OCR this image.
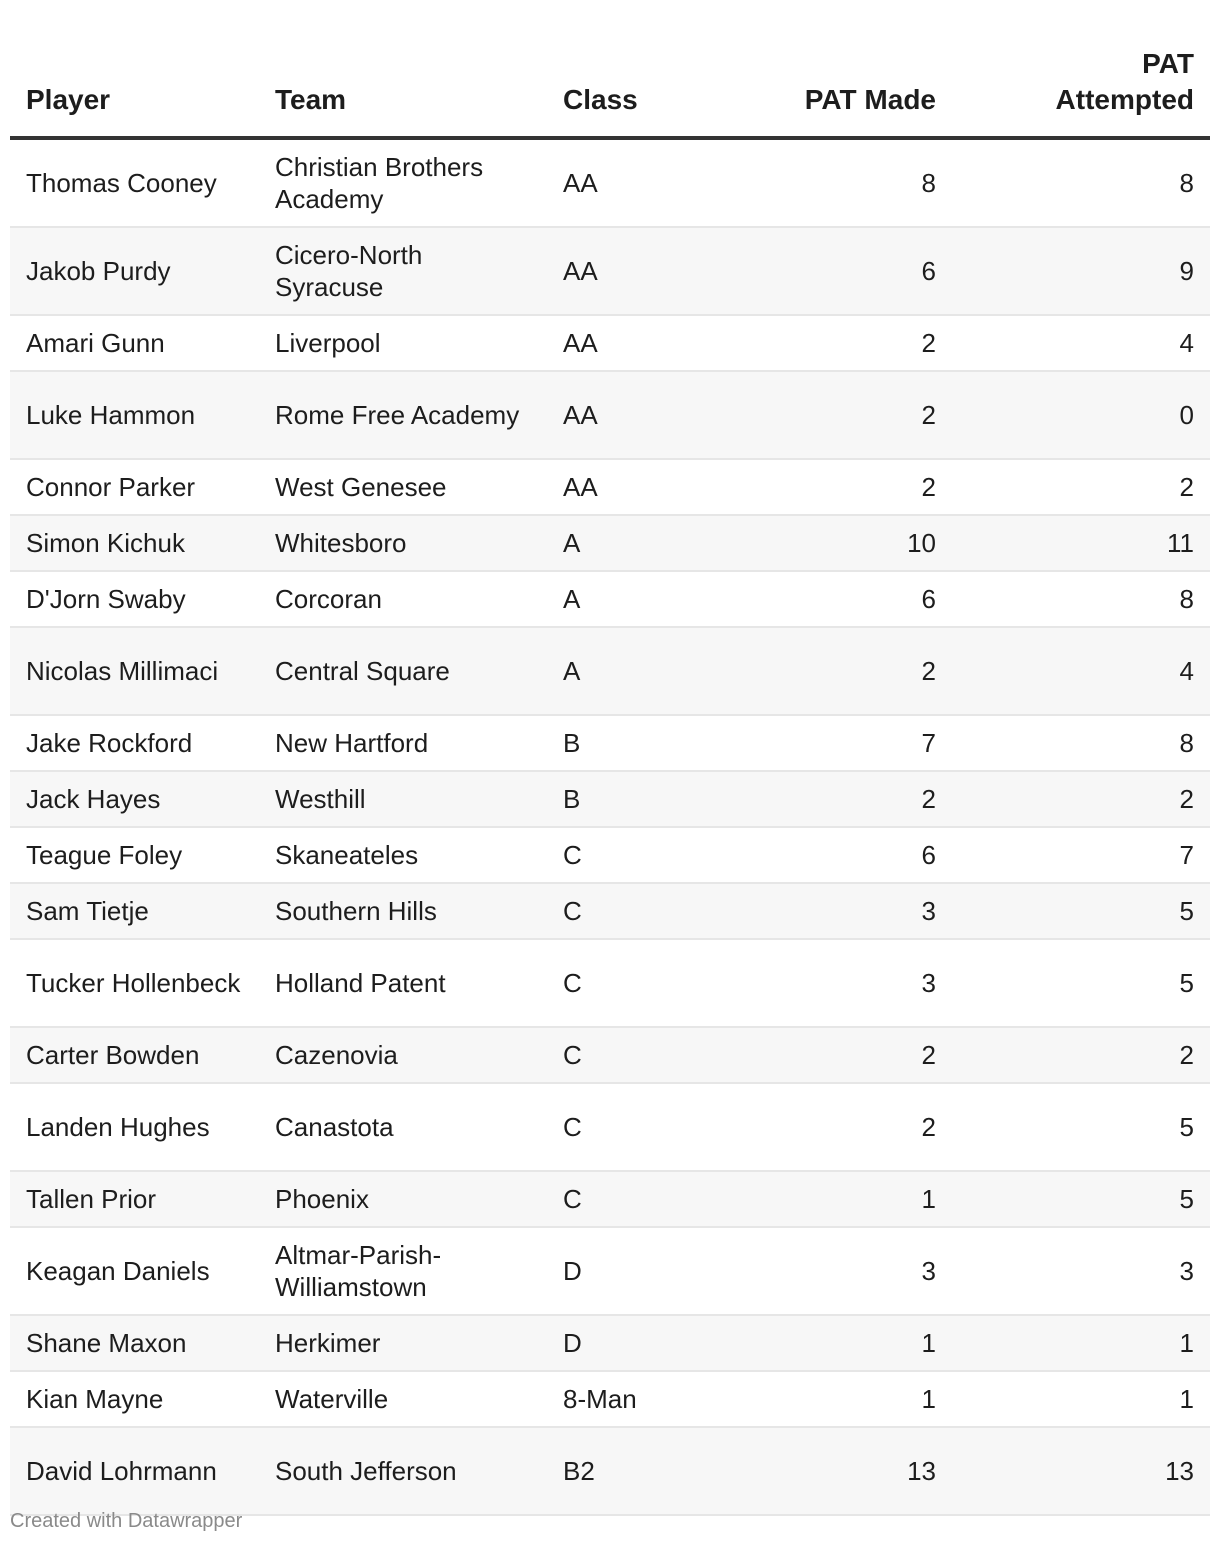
Player	Team	Class	PAT Made	PAT Attempted
Thomas Cooney	Christian Brothers Academy	AA	8	8
Jakob Purdy	Cicero-North Syracuse	AA	6	9
Amari Gunn	Liverpool	AA	2	4
Luke Hammon	Rome Free Academy	AA	2	0
Connor Parker	West Genesee	AA	2	2
Simon Kichuk	Whitesboro	A	10	11
D'Jorn Swaby	Corcoran	A	6	8
Nicolas Millimaci	Central Square	A	2	4
Jake Rockford	New Hartford	B	7	8
Jack Hayes	Westhill	B	2	2
Teague Foley	Skaneateles	C	6	7
Sam Tietje	Southern Hills	C	3	5
Tucker Hollenbeck	Holland Patent	C	3	5
Carter Bowden	Cazenovia	C	2	2
Landen Hughes	Canastota	C	2	5
Tallen Prior	Phoenix	C	1	5
Keagan Daniels	Altmar-Parish-Williamstown	D	3	3
Shane Maxon	Herkimer	D	1	1
Kian Mayne	Waterville	8-Man	1	1
David Lohrmann	South Jefferson	B2	13	13
Created with Datawrapper
